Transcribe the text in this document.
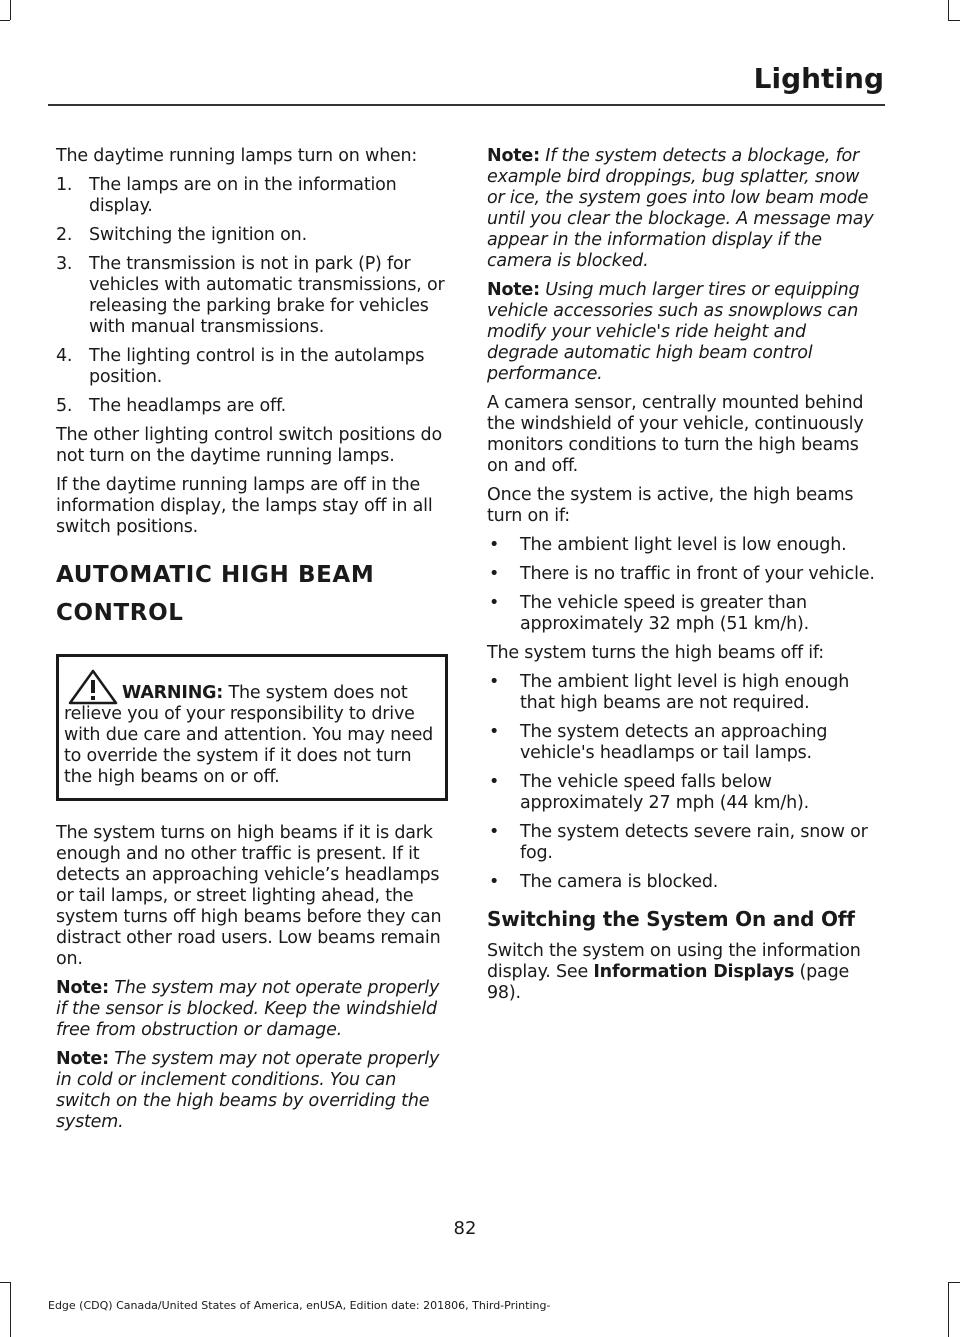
Lighting

The daytime running lamps turn on when:

1. The lamps are on in the information display.
2. Switching the ignition on.
3. The transmission is not in park (P) for vehicles with automatic transmissions, or releasing the parking brake for vehicles with manual transmissions.
4. The lighting control is in the autolamps position.
5. The headlamps are off.

The other lighting control switch positions do not turn on the daytime running lamps.

If the daytime running lamps are off in the information display, the lamps stay off in all switch positions.

AUTOMATIC HIGH BEAM
CONTROL

WARNING: The system does not relieve you of your responsibility to drive with due care and attention. You may need to override the system if it does not turn the high beams on or off.

The system turns on high beams if it is dark enough and no other traffic is present. If it detects an approaching vehicle’s headlamps or tail lamps, or street lighting ahead, the system turns off high beams before they can distract other road users. Low beams remain on.

Note: The system may not operate properly if the sensor is blocked. Keep the windshield free from obstruction or damage.

Note: The system may not operate properly in cold or inclement conditions. You can switch on the high beams by overriding the system.

Note: If the system detects a blockage, for example bird droppings, bug splatter, snow or ice, the system goes into low beam mode until you clear the blockage. A message may appear in the information display if the camera is blocked.

Note: Using much larger tires or equipping vehicle accessories such as snowplows can modify your vehicle's ride height and degrade automatic high beam control performance.

A camera sensor, centrally mounted behind the windshield of your vehicle, continuously monitors conditions to turn the high beams on and off.

Once the system is active, the high beams turn on if:

• The ambient light level is low enough.
• There is no traffic in front of your vehicle.
• The vehicle speed is greater than approximately 32 mph (51 km/h).

The system turns the high beams off if:

• The ambient light level is high enough that high beams are not required.
• The system detects an approaching vehicle's headlamps or tail lamps.
• The vehicle speed falls below approximately 27 mph (44 km/h).
• The system detects severe rain, snow or fog.
• The camera is blocked.
Switching the System On and Off

Switch the system on using the information display. See Information Displays (page 98).

82
Edge (CDQ) Canada/United States of America, enUSA, Edition date: 201806, Third-Printing-
